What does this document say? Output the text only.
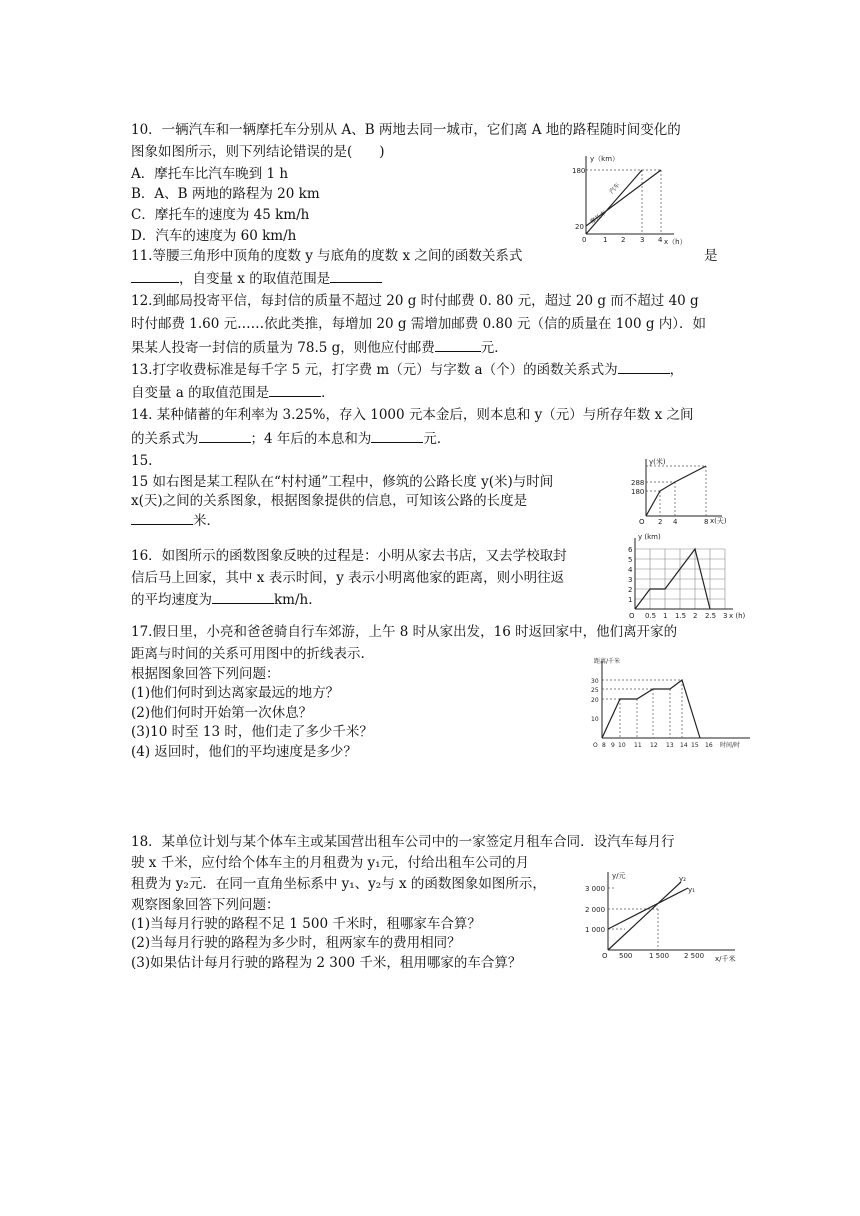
10．一辆汽车和一辆摩托车分别从 A、B 两地去同一城市，它们离 A 地的路程随时间变化的
图象如图所示，则下列结论错误的是(　　)
A．摩托车比汽车晚到 1 h
B．A、B 两地的路程为 20 km
C．摩托车的速度为 45 km/h
D．汽车的速度为 60 km/h
y（km）
x（h）
180
20
0 1 2 3 4
汽车
摩托车
11.等腰三角形中顶角的度数 y 与底角的度数 x 之间的函数关系式	是
，自变量 x 的取值范围是
12.到邮局投寄平信，每封信的质量不超过 20 g 时付邮费 0. 80 元，超过 20 g 而不超过 40 g
时付邮费 1.60 元……依此类推，每增加 20 g 需增加邮费 0.80 元（信的质量在 100 g 内）．如
果某人投寄一封信的质量为 78.5 g，则他应付邮费	元．
13.打字收费标准是每千字 5 元，打字费 m（元）与字数 a（个）的函数关系式为	，
自变量 a 的取值范围是	．
14. 某种储蓄的年利率为 3.25%，存入 1000 元本金后，则本息和 y（元）与所存年数 x 之间
的关系式为	；4 年后的本息和为	元．
15.
15 如右图是某工程队在“村村通”工程中，修筑的公路长度 y(米)与时间
x(天)之间的关系图象，根据图象提供的信息，可知该公路的长度是
米．
y(米)
x(天)
288
180
O 2 4	8
16．如图所示的函数图象反映的过程是：小明从家去书店，又去学校取封
信后马上回家，其中 x 表示时间，y 表示小明离他家的距离，则小明往返
的平均速度为	km/h.
y (km)
x (h)
1
2
3
4
5
6
O 0.5 1 1.5 2 2.5 3
17.假日里，小亮和爸爸骑自行车郊游，上午 8 时从家出发，16 时返回家中，他们离开家的
距离与时间的关系可用图中的折线表示.
根据图象回答下列问题：
(1)他们何时到达离家最远的地方？
(2)他们何时开始第一次休息？
(3)10 时至 13 时，他们走了多少千米？
(4) 返回时，他们的平均速度是多少？
距离/千米
时间/时
30
25
20
10
O 8 9 10 11 12 13 14 15 16
18．某单位计划与某个体车主或某国营出租车公司中的一家签定月租车合同．设汽车每月行
驶 x 千米，应付给个体车主的月租费为 y₁元，付给出租车公司的月
租费为 y₂元．在同一直角坐标系中 y₁、y₂与 x 的函数图象如图所示，
观察图象回答下列问题：
(1)当每月行驶的路程不足 1 500 千米时，租哪家车合算？
(2)当每月行驶的路程为多少时，租两家车的费用相同？
(3)如果估计每月行驶的路程为 2 300 千米，租用哪家的车合算？
y/元
x/千米
y₁
y₂
3 000
2 000
1 000
O 500 1 500 2 500
